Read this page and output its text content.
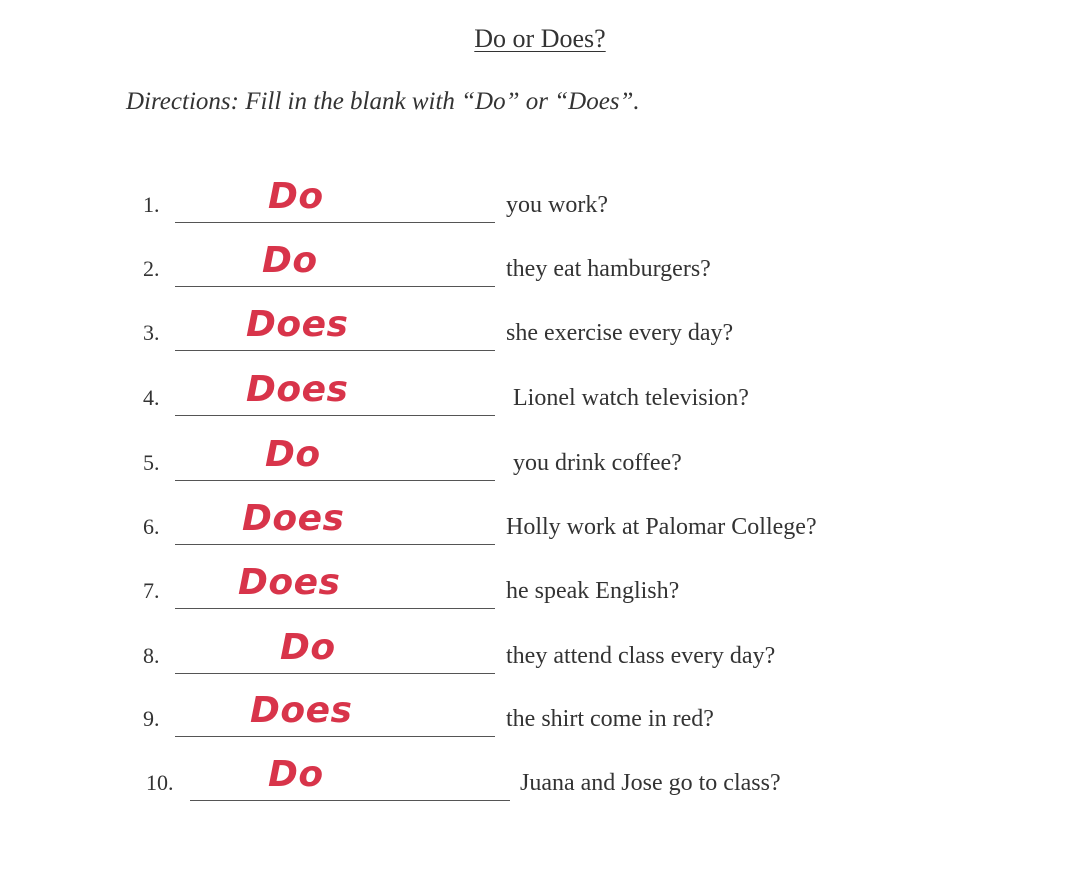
Do or Does?
Directions: Fill in the blank with “Do” or “Does”.
1.	Do	you work?
2.	Do	they eat hamburgers?
3.	Does	she exercise every day?
4.	Does	Lionel watch television?
5.	Do	you drink coffee?
6.	Does	Holly work at Palomar College?
7.	Does	he speak English?
8.	Do	they attend class every day?
9.	Does	the shirt come in red?
10.	Do	Juana and Jose go to class?
